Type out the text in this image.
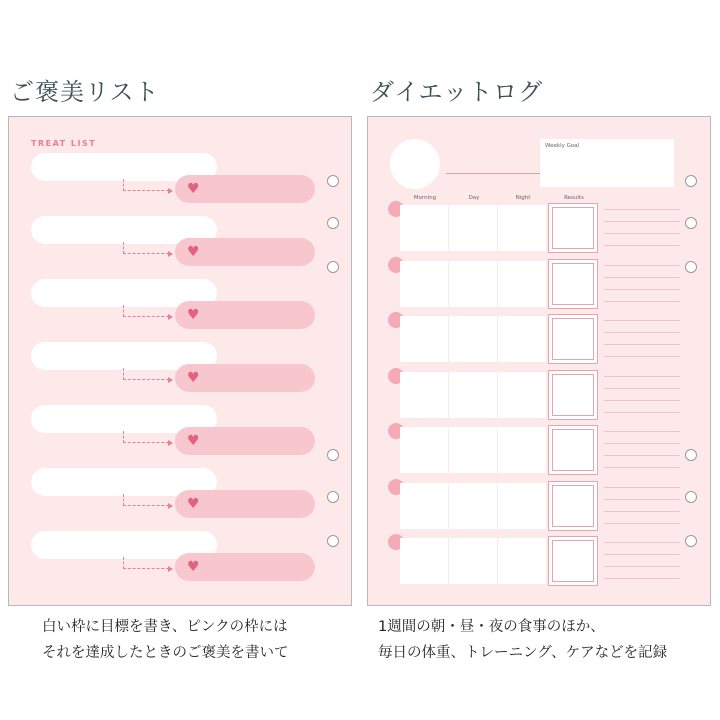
ご褒美リスト
TREAT LIST
♥
♥
♥
♥
♥
♥
♥

白い枠に目標を書き、ピンクの枠には

それを達成したときのご褒美を書いて

ダイエットログ
Weekly Goal
Morning	Day	Night	Results

1週間の朝・昼・夜の食事のほか、

毎日の体重、トレーニング、ケアなどを記録
